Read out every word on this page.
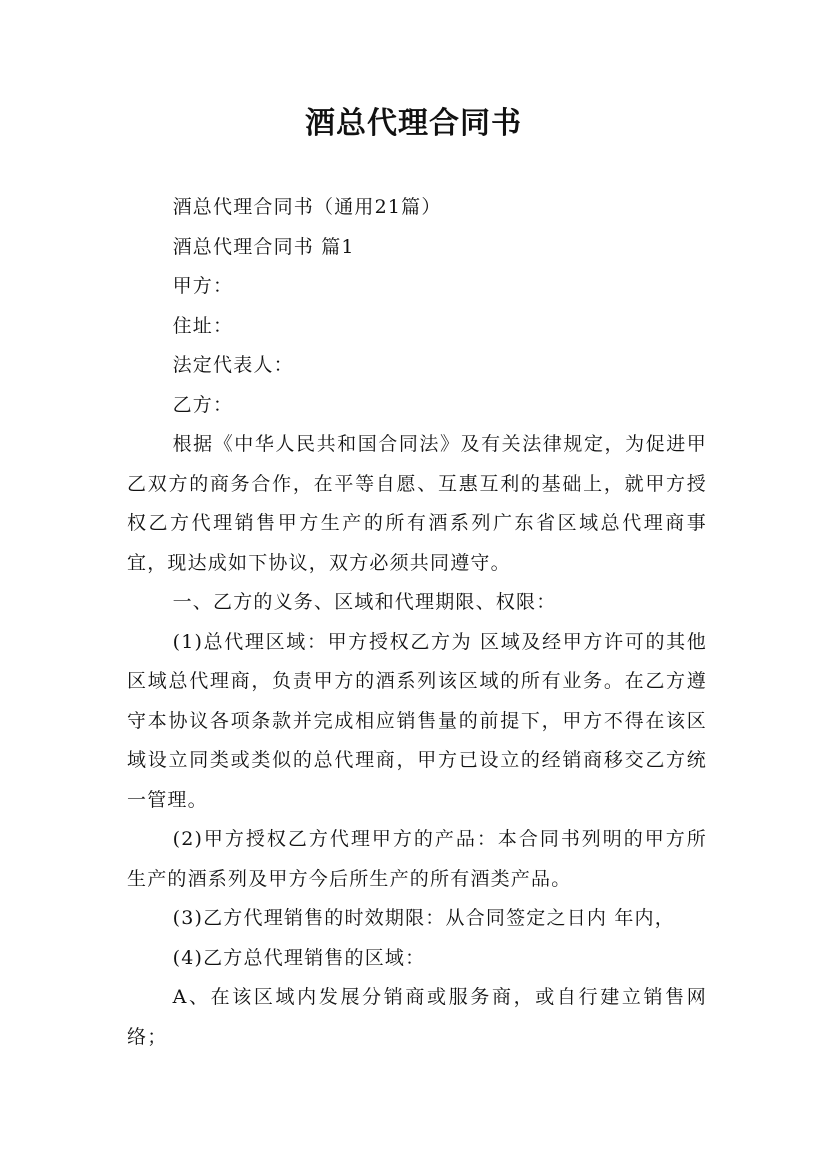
酒总代理合同书

酒总代理合同书（通用21篇）

酒总代理合同书 篇1

甲方：

住址：

法定代表人：

乙方：

根据《中华人民共和国合同法》及有关法律规定，为促进甲乙双方的商务合作，在平等自愿、互惠互利的基础上，就甲方授权乙方代理销售甲方生产的所有酒系列广东省区域总代理商事宜，现达成如下协议，双方必须共同遵守。

一、乙方的义务、区域和代理期限、权限：

(1)总代理区域：甲方授权乙方为 区域及经甲方许可的其他区域总代理商，负责甲方的酒系列该区域的所有业务。在乙方遵守本协议各项条款并完成相应销售量的前提下，甲方不得在该区域设立同类或类似的总代理商，甲方已设立的经销商移交乙方统一管理。

(2)甲方授权乙方代理甲方的产品：本合同书列明的甲方所生产的酒系列及甲方今后所生产的所有酒类产品。

(3)乙方代理销售的时效期限：从合同签定之日内 年内，

(4)乙方总代理销售的区域：

A、在该区域内发展分销商或服务商，或自行建立销售网络；
